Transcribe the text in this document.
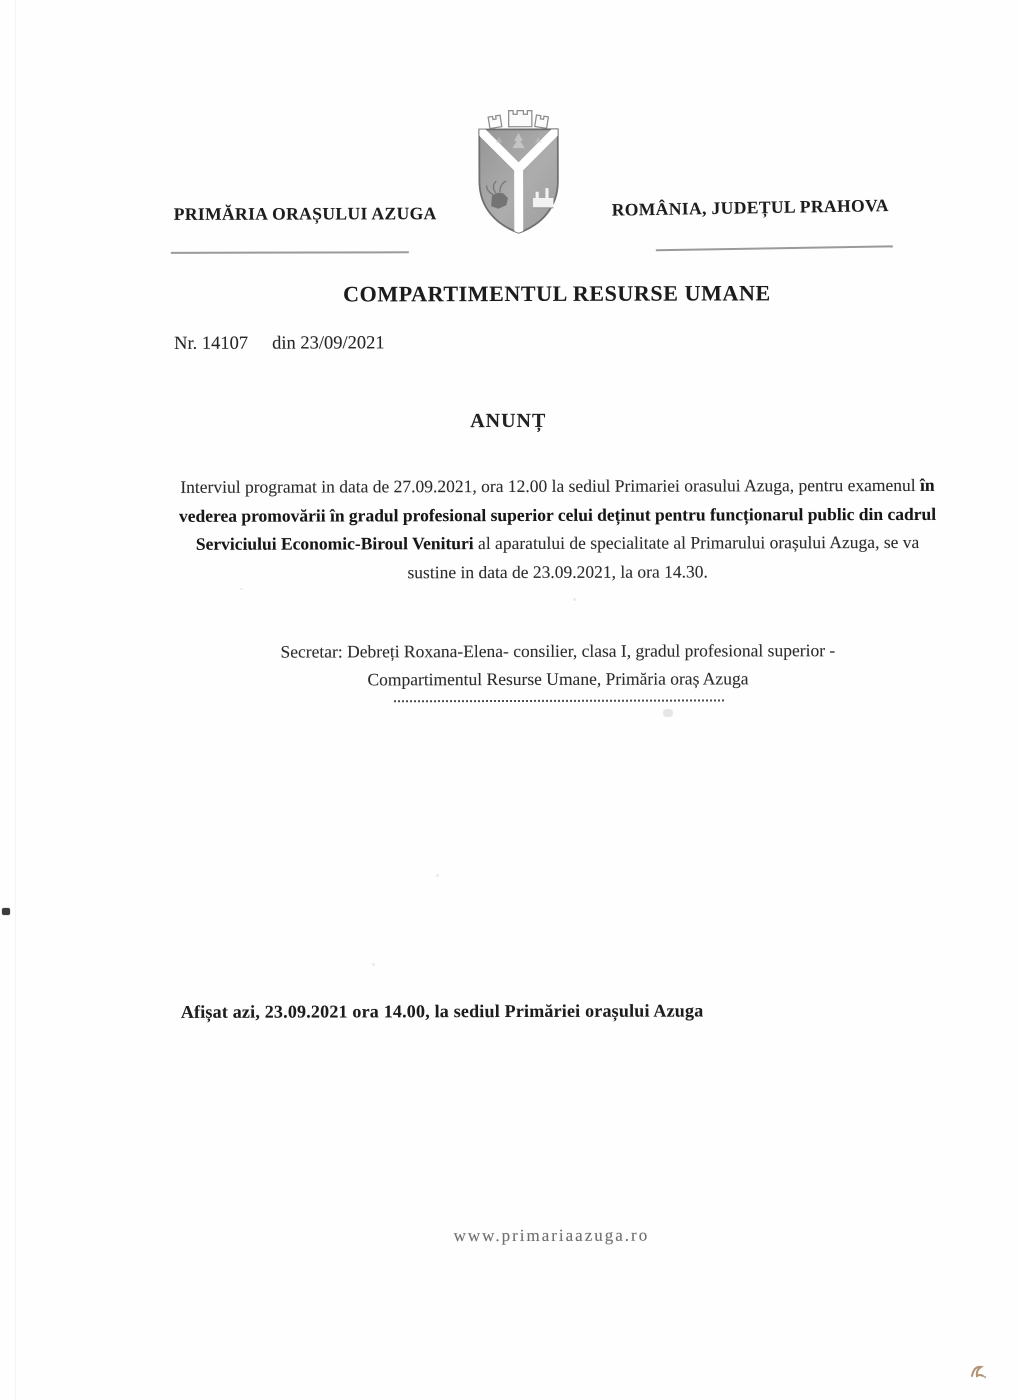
PRIMĂRIA ORAȘULUI AZUGA	ROMÂNIA, JUDEȚUL PRAHOVA
COMPARTIMENTUL RESURSE UMANE
Nr. 14107 din 23/09/2021
ANUNȚ

Interviul programat in data de 27.09.2021, ora 12.00 la sediul Primariei orasului Azuga, pentru examenul în vederea promovării în gradul profesional superior celui deținut pentru funcționarul public din cadrul Serviciului Economic-Biroul Venituri al aparatului de specialitate al Primarului orașului Azuga, se va sustine in data de 23.09.2021, la ora 14.30.

Secretar: Debreți Roxana-Elena- consilier, clasa I, gradul profesional superior -
Compartimentul Resurse Umane, Primăria oraș Azuga

Afișat azi, 23.09.2021 ora 14.00, la sediul Primăriei orașului Azuga
www.primariaazuga.ro
